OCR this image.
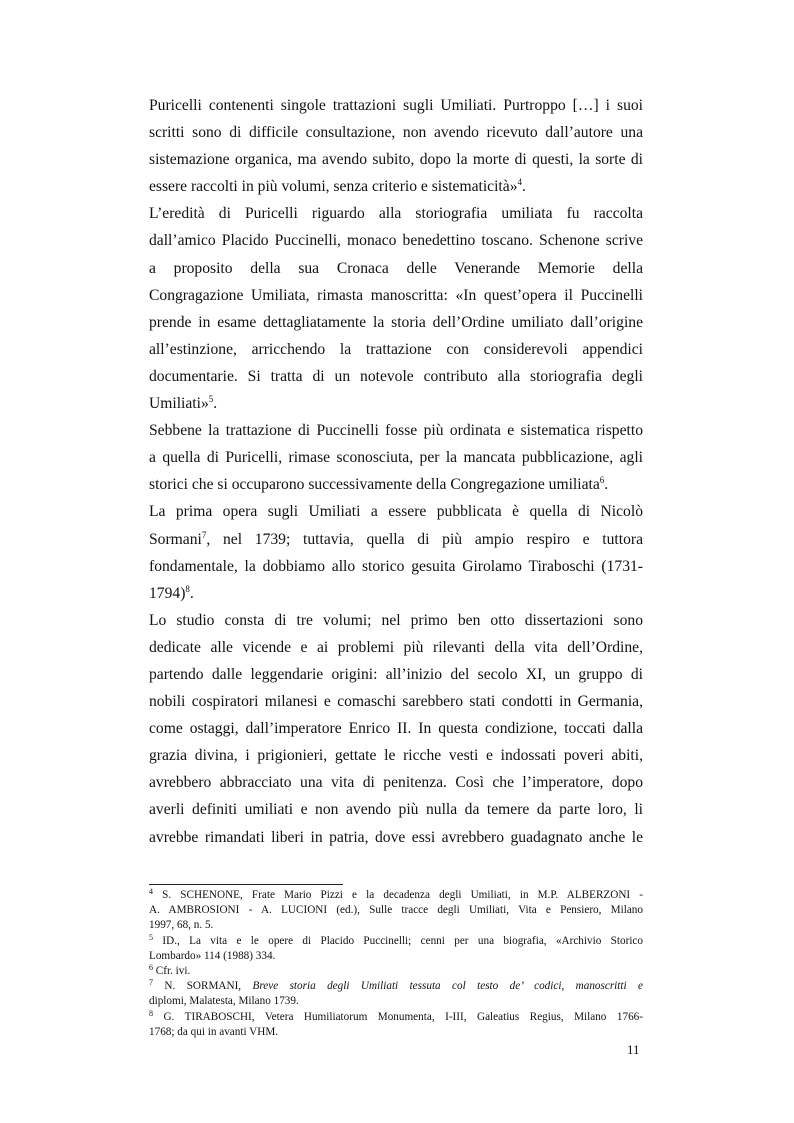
Puricelli contenenti singole trattazioni sugli Umiliati. Purtroppo […] i suoi
scritti sono di difficile consultazione, non avendo ricevuto dall’autore una
sistemazione organica, ma avendo subito, dopo la morte di questi, la sorte di
essere raccolti in più volumi, senza criterio e sistematicità»$^4$.
L’eredità di Puricelli riguardo alla storiografia umiliata fu raccolta
dall’amico Placido Puccinelli, monaco benedettino toscano. Schenone scrive
a proposito della sua Cronaca delle Venerande Memorie della
Congragazione Umiliata, rimasta manoscritta: «In quest’opera il Puccinelli
prende in esame dettagliatamente la storia dell’Ordine umiliato dall’origine
all’estinzione, arricchendo la trattazione con considerevoli appendici
documentarie. Si tratta di un notevole contributo alla storiografia degli
Umiliati»$^5$.
Sebbene la trattazione di Puccinelli fosse più ordinata e sistematica rispetto
a quella di Puricelli, rimase sconosciuta, per la mancata pubblicazione, agli
storici che si occuparono successivamente della Congregazione umiliata$^6$.
La prima opera sugli Umiliati a essere pubblicata è quella di Nicolò
Sormani$^7$, nel 1739; tuttavia, quella di più ampio respiro e tuttora
fondamentale, la dobbiamo allo storico gesuita Girolamo Tiraboschi (1731-
1794)$^8$.
Lo studio consta di tre volumi; nel primo ben otto dissertazioni sono
dedicate alle vicende e ai problemi più rilevanti della vita dell’Ordine,
partendo dalle leggendarie origini: all’inizio del secolo XI, un gruppo di
nobili cospiratori milanesi e comaschi sarebbero stati condotti in Germania,
come ostaggi, dall’imperatore Enrico II. In questa condizione, toccati dalla
grazia divina, i prigionieri, gettate le ricche vesti e indossati poveri abiti,
avrebbero abbracciato una vita di penitenza. Così che l’imperatore, dopo
averli definiti umiliati e non avendo più nulla da temere da parte loro, li
avrebbe rimandati liberi in patria, dove essi avrebbero guadagnato anche le
$^4$ S. SCHENONE, Frate Mario Pizzi e la decadenza degli Umiliati, in M.P. ALBERZONI -
A. AMBROSIONI - A. LUCIONI (ed.), Sulle tracce degli Umiliati, Vita e Pensiero, Milano
1997, 68, n. 5.
$^5$ ID., La vita e le opere di Placido Puccinelli; cenni per una biografia, «Archivio Storico
Lombardo» 114 (1988) 334.
$^6$ Cfr. ivi.
$^7$ N. SORMANI, Breve storia degli Umiliati tessuta col testo de’ codici, manoscritti e
diplomi, Malatesta, Milano 1739.
$^8$ G. TIRABOSCHI, Vetera Humiliatorum Monumenta, I-III, Galeatius Regius, Milano 1766-
1768; da qui in avanti VHM.
11
